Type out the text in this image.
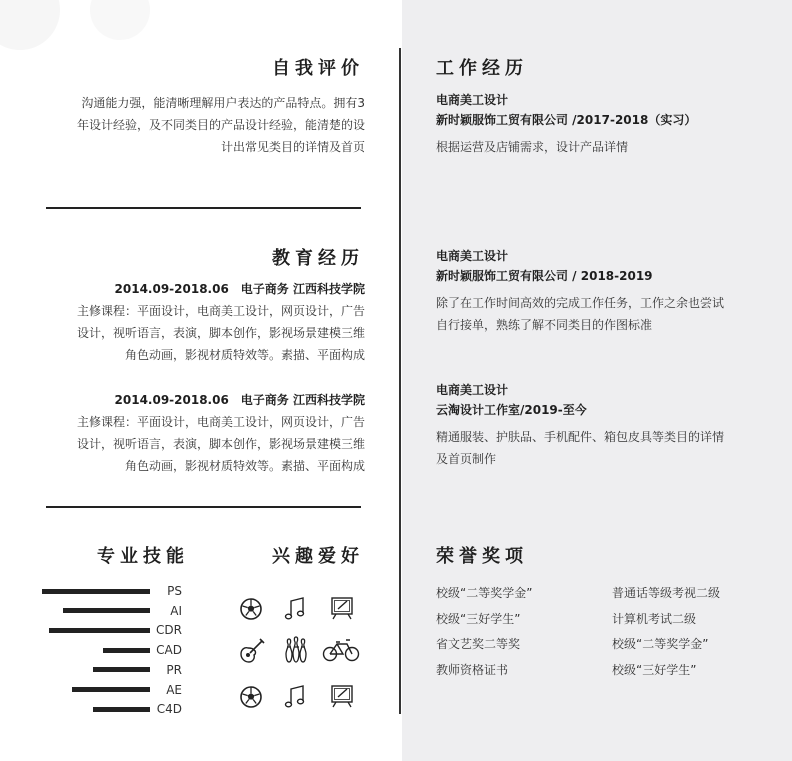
自我评价
沟通能力强，能清晰理解用户表达的产品特点。拥有3
年设计经验，及不同类目的产品设计经验，能清楚的设
计出常见类目的详情及首页
教育经历
2014.09-2018.06　电子商务 江西科技学院
主修课程：平面设计，电商美工设计，网页设计，广告
设计，视听语言，表演，脚本创作，影视场景建模三维
角色动画，影视材质特效等。素描、平面构成
2014.09-2018.06　电子商务 江西科技学院
主修课程：平面设计，电商美工设计，网页设计，广告
设计，视听语言，表演，脚本创作，影视场景建模三维
角色动画，影视材质特效等。素描、平面构成
专业技能
PS
AI
CDR
CAD
PR
AE
C4D
兴趣爱好
工作经历
电商美工设计
新时颖服饰工贸有限公司 /2017-2018（实习）
根据运营及店铺需求，设计产品详情
电商美工设计
新时颖服饰工贸有限公司 / 2018-2019
除了在工作时间高效的完成工作任务，工作之余也尝试
自行接单，熟练了解不同类目的作图标准
电商美工设计
云淘设计工作室/2019-至今
精通服装、护肤品、手机配件、箱包皮具等类目的详情
及首页制作
荣誉奖项
校级“二等奖学金”
校级“三好学生”
省文艺奖二等奖
教师资格证书
普通话等级考视二级
计算机考试二级
校级“二等奖学金”
校级“三好学生”
